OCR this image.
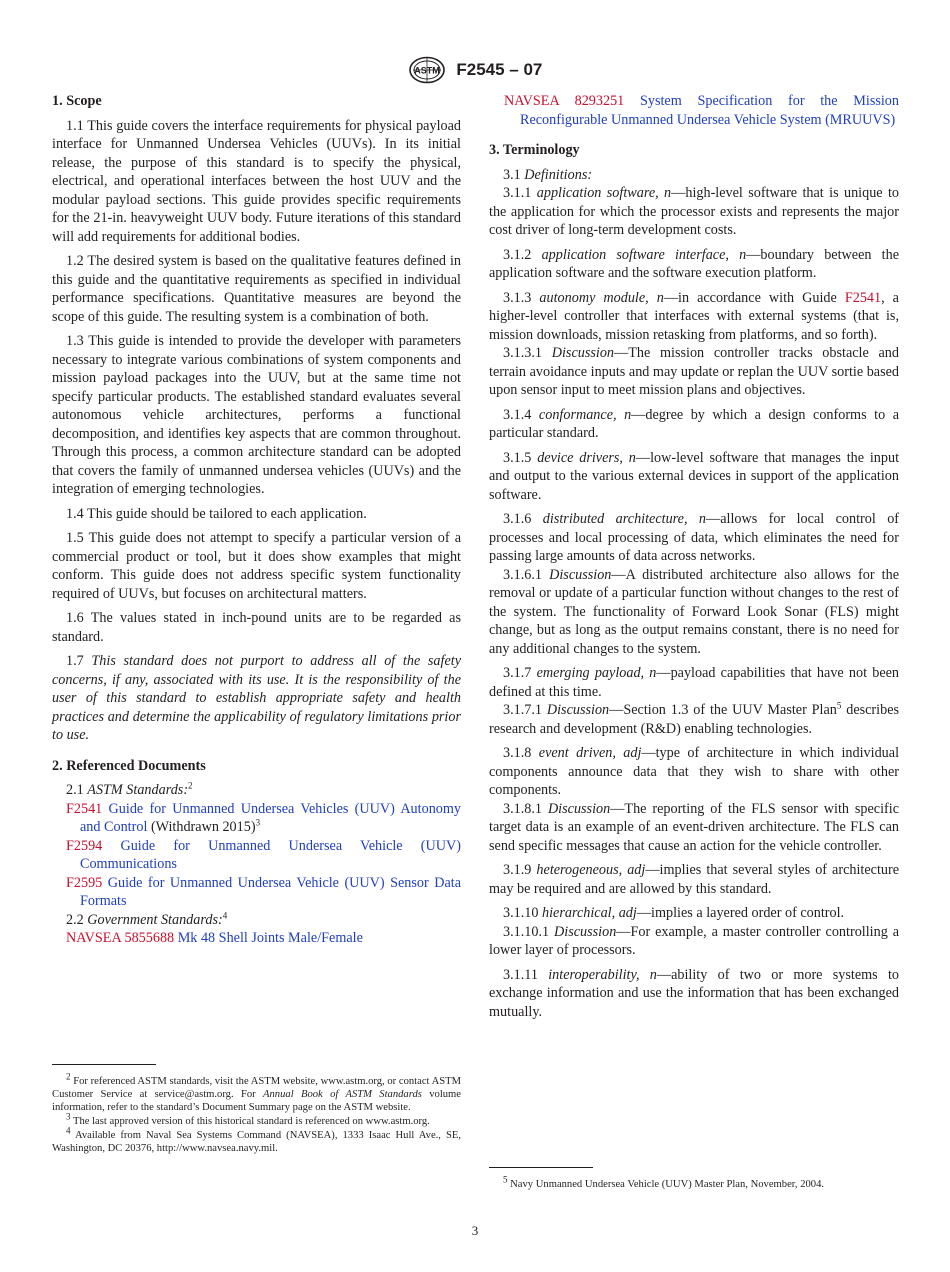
ASTM F2545 – 07

1. Scope

1.1 This guide covers the interface requirements for physical payload interface for Unmanned Undersea Vehicles (UUVs). In its initial release, the purpose of this standard is to specify the physical, electrical, and operational interfaces between the host UUV and the modular payload sections. This guide provides specific requirements for the 21-in. heavyweight UUV body. Future iterations of this standard will add requirements for additional bodies.

1.2 The desired system is based on the qualitative features defined in this guide and the quantitative requirements as specified in individual performance specifications. Quantitative measures are beyond the scope of this guide. The resulting system is a combination of both.

1.3 This guide is intended to provide the developer with parameters necessary to integrate various combinations of system components and mission payload packages into the UUV, but at the same time not specify particular products. The established standard evaluates several autonomous vehicle architectures, performs a functional decomposition, and identifies key aspects that are common throughout. Through this process, a common architecture standard can be adopted that covers the family of unmanned undersea vehicles (UUVs) and the integration of emerging technologies.

1.4 This guide should be tailored to each application.

1.5 This guide does not attempt to specify a particular version of a commercial product or tool, but it does show examples that might conform. This guide does not address specific system functionality required of UUVs, but focuses on architectural matters.

1.6 The values stated in inch-pound units are to be regarded as standard.

1.7 This standard does not purport to address all of the safety concerns, if any, associated with its use. It is the responsibility of the user of this standard to establish appropriate safety and health practices and determine the applicability of regulatory limitations prior to use.

2. Referenced Documents

2.1 ASTM Standards:$^2$

F2541 Guide for Unmanned Undersea Vehicles (UUV) Autonomy and Control (Withdrawn 2015)$^3$

F2594 Guide for Unmanned Undersea Vehicle (UUV) Communications

F2595 Guide for Unmanned Undersea Vehicle (UUV) Sensor Data Formats

2.2 Government Standards:$^4$

NAVSEA 5855688 Mk 48 Shell Joints Male/Female

$^2$ For referenced ASTM standards, visit the ASTM website, www.astm.org, or contact ASTM Customer Service at service@astm.org. For Annual Book of ASTM Standards volume information, refer to the standard’s Document Summary page on the ASTM website.

$^3$ The last approved version of this historical standard is referenced on www.astm.org.

$^4$ Available from Naval Sea Systems Command (NAVSEA), 1333 Isaac Hull Ave., SE, Washington, DC 20376, http://www.navsea.navy.mil.

NAVSEA 8293251 System Specification for the Mission Reconfigurable Unmanned Undersea Vehicle System (MRUUVS)

3. Terminology

3.1 Definitions:

3.1.1 application software, n—high-level software that is unique to the application for which the processor exists and represents the major cost driver of long-term development costs.

3.1.2 application software interface, n—boundary between the application software and the software execution platform.

3.1.3 autonomy module, n—in accordance with Guide F2541, a higher-level controller that interfaces with external systems (that is, mission downloads, mission retasking from platforms, and so forth).

3.1.3.1 Discussion—The mission controller tracks obstacle and terrain avoidance inputs and may update or replan the UUV sortie based upon sensor input to meet mission plans and objectives.

3.1.4 conformance, n—degree by which a design conforms to a particular standard.

3.1.5 device drivers, n—low-level software that manages the input and output to the various external devices in support of the application software.

3.1.6 distributed architecture, n—allows for local control of processes and local processing of data, which eliminates the need for passing large amounts of data across networks.

3.1.6.1 Discussion—A distributed architecture also allows for the removal or update of a particular function without changes to the rest of the system. The functionality of Forward Look Sonar (FLS) might change, but as long as the output remains constant, there is no need for any additional changes to the system.

3.1.7 emerging payload, n—payload capabilities that have not been defined at this time.

3.1.7.1 Discussion—Section 1.3 of the UUV Master Plan$^5$ describes research and development (R&D) enabling technologies.

3.1.8 event driven, adj—type of architecture in which individual components announce data that they wish to share with other components.

3.1.8.1 Discussion—The reporting of the FLS sensor with specific target data is an example of an event-driven architecture. The FLS can send specific messages that cause an action for the vehicle controller.

3.1.9 heterogeneous, adj—implies that several styles of architecture may be required and are allowed by this standard.

3.1.10 hierarchical, adj—implies a layered order of control.

3.1.10.1 Discussion—For example, a master controller controlling a lower layer of processors.

3.1.11 interoperability, n—ability of two or more systems to exchange information and use the information that has been exchanged mutually.

$^5$ Navy Unmanned Undersea Vehicle (UUV) Master Plan, November, 2004.

3
